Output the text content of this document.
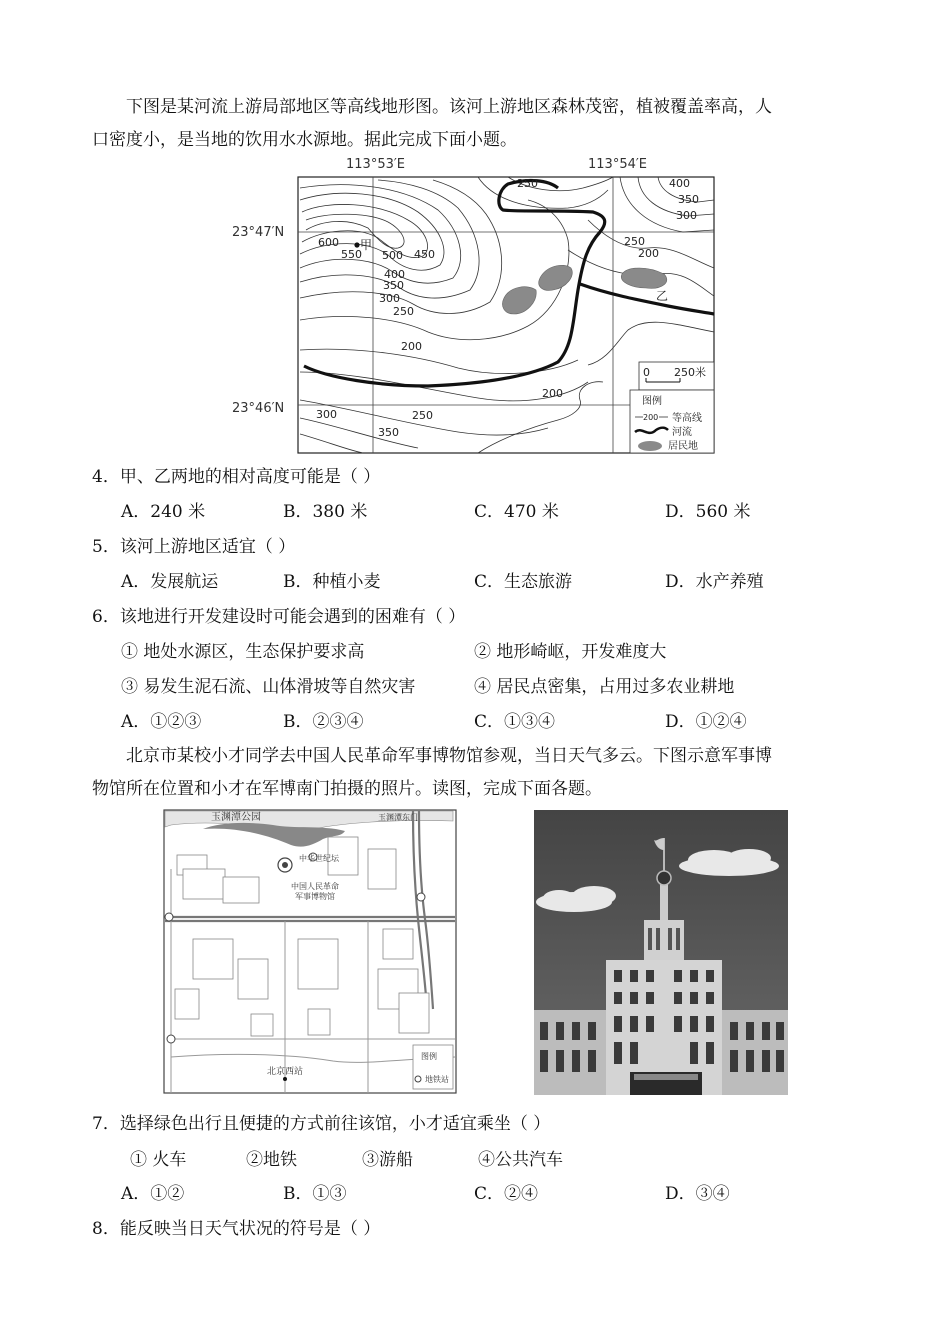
下图是某河流上游局部地区等高线地形图。该河上游地区森林茂密，植被覆盖率高，人
口密度小，是当地的饮用水水源地。据此完成下面小题。
113°53′E	113°54′E
23°47′N
23°46′N
甲
乙
600
550 500 450
400
350
300
250
200
250	400
350
300
250
200
200
300	250
350
0 250米
图例
200 等高线
河流
居民地
4．甲、乙两地的相对高度可能是（ ）
A．240 米	B．380 米	C．470 米	D．560 米
5．该河上游地区适宜（ ）
A．发展航运	B．种植小麦	C．生态旅游	D．水产养殖
6．该地进行开发建设时可能会遇到的困难有（ ）
① 地处水源区，生态保护要求高	② 地形崎岖，开发难度大
③ 易发生泥石流、山体滑坡等自然灾害	④ 居民点密集，占用过多农业耕地
A．①②③	B．②③④	C．①③④	D．①②④
北京市某校小才同学去中国人民革命军事博物馆参观，当日天气多云。下图示意军事博
物馆所在位置和小才在军博南门拍摄的照片。读图，完成下面各题。
玉渊潭公园	玉渊潭东门
中华世纪坛
中国人民革命
军事博物馆
北京西站
图例
地铁站
7．选择绿色出行且便捷的方式前往该馆，小才适宜乘坐（ ）
① 火车	②地铁	③游船	④公共汽车
A．①②	B．①③	C．②④	D．③④
8．能反映当日天气状况的符号是（ ）
